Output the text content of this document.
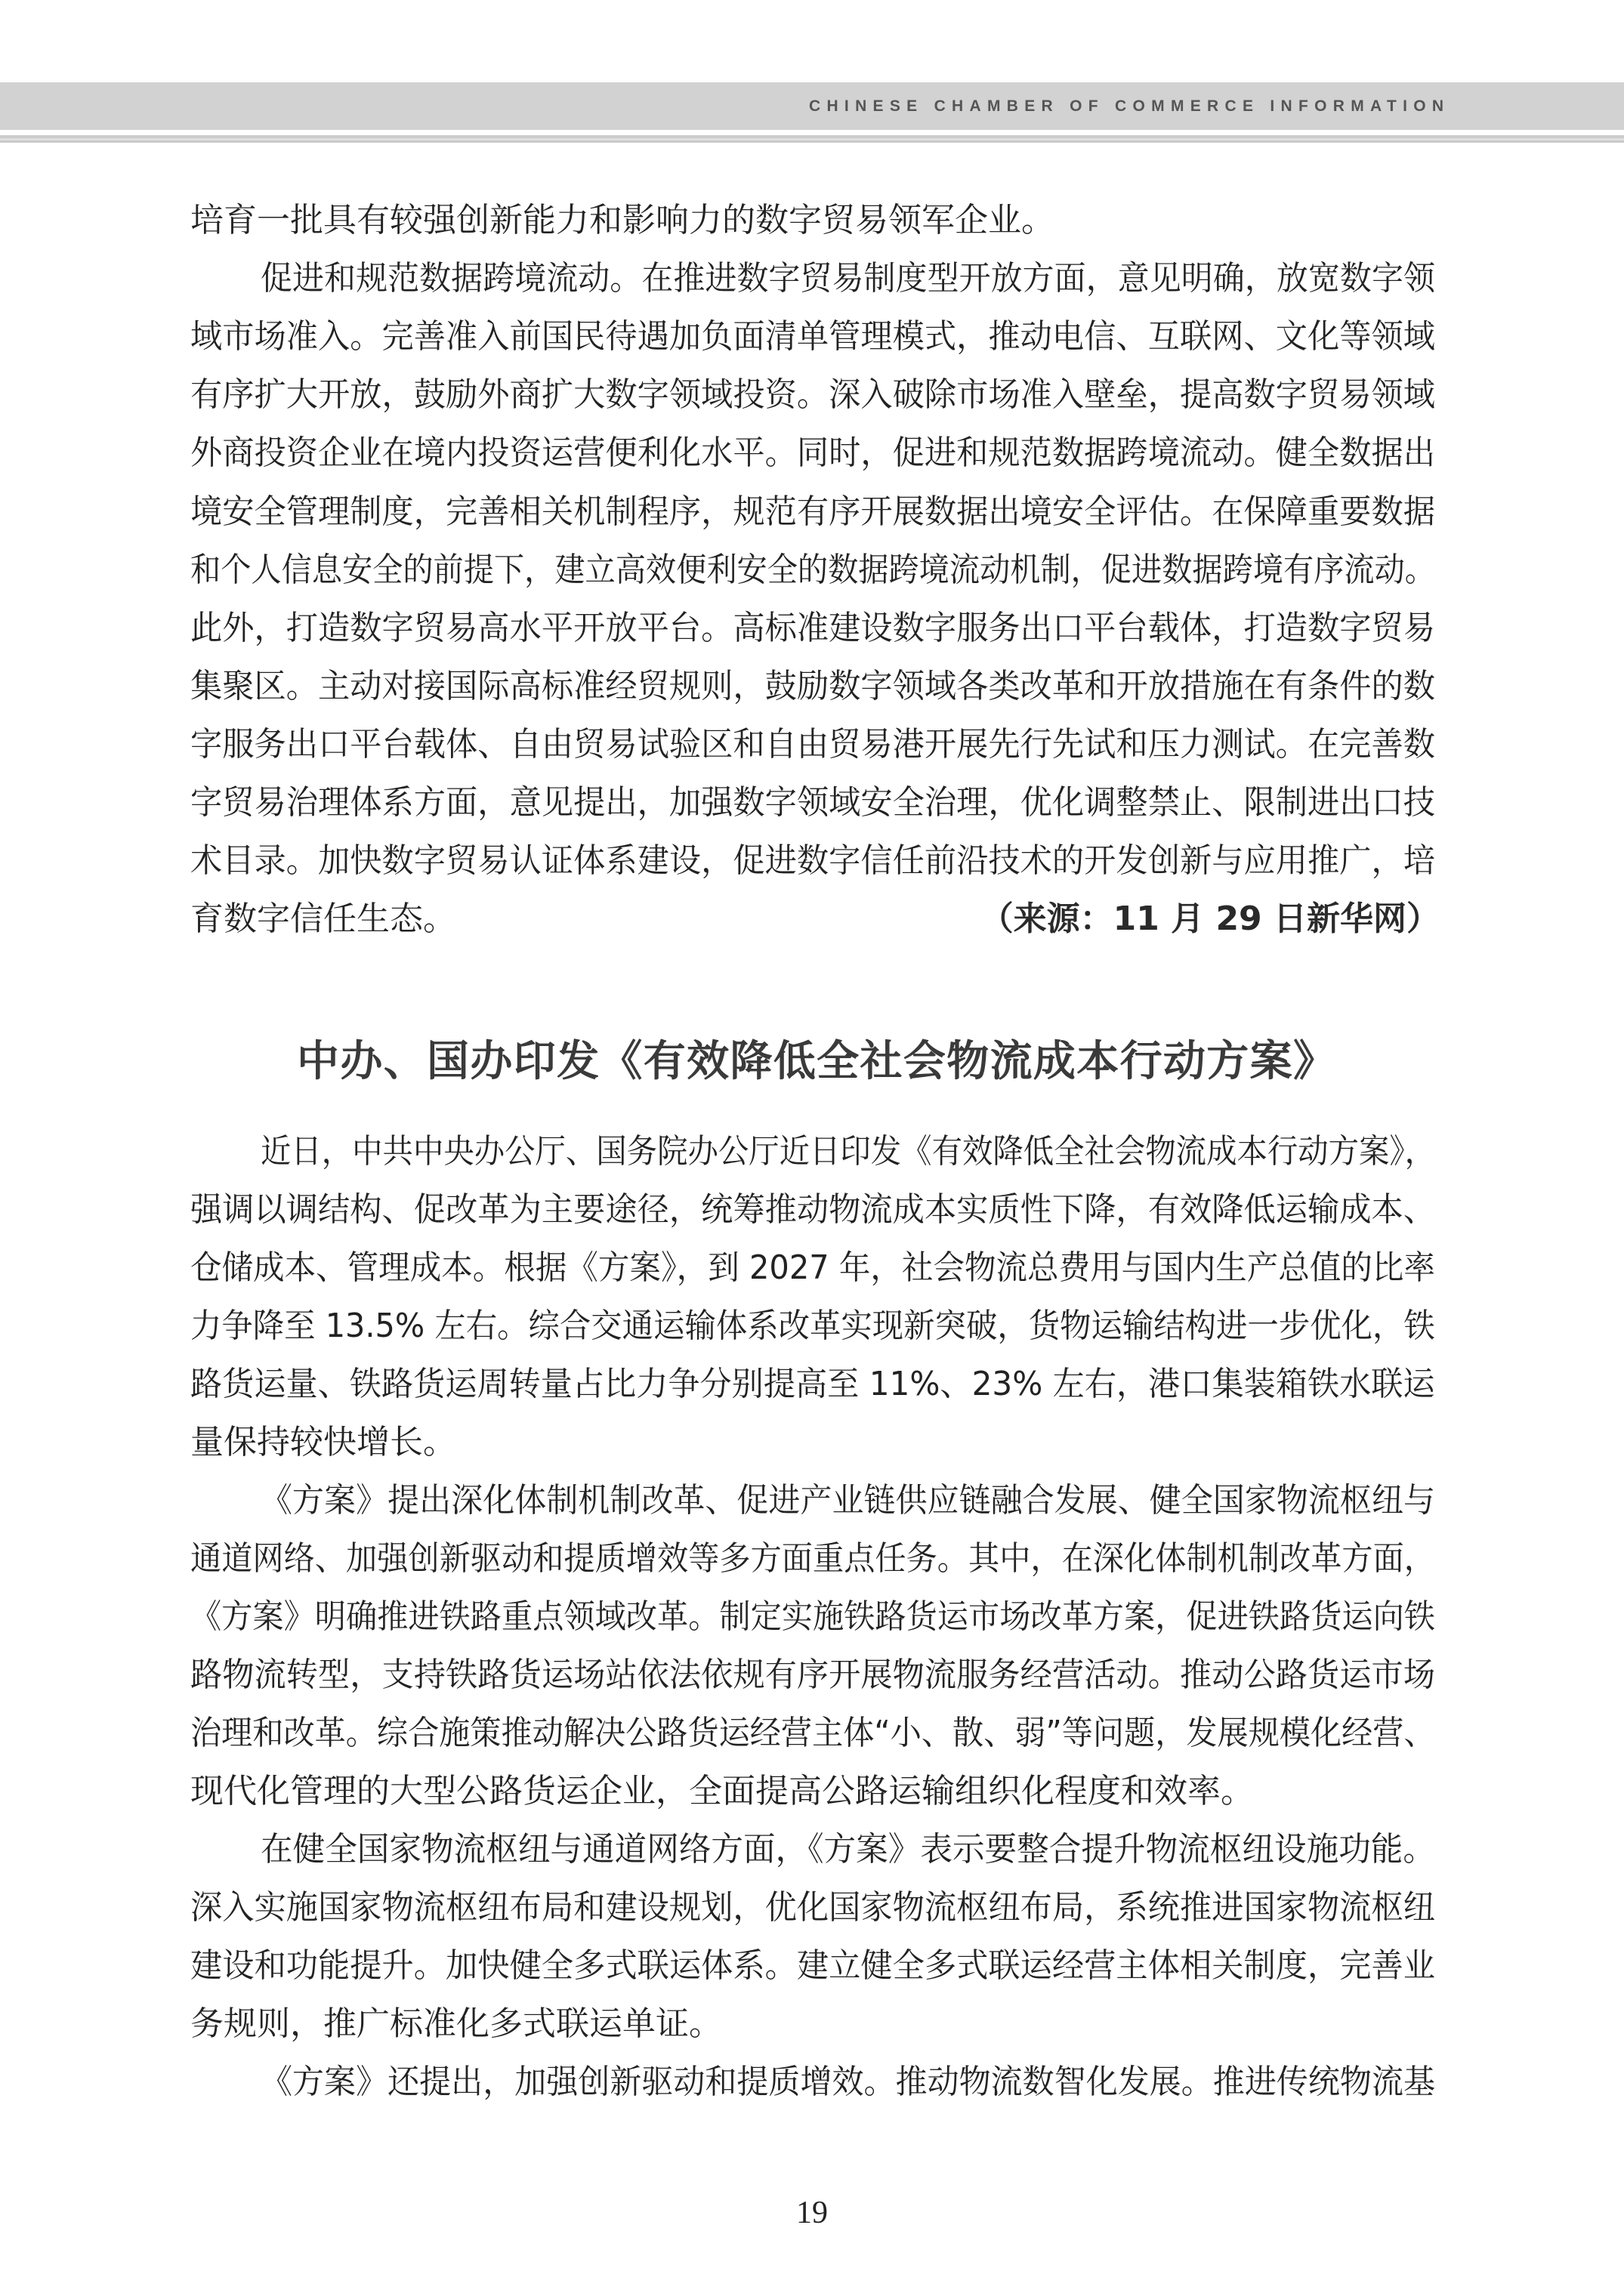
CHINESE CHAMBER OF COMMERCE INFORMATION
培育一批具有较强创新能力和影响力的数字贸易领军企业。
促进和规范数据跨境流动。在推进数字贸易制度型开放方面，意见明确，放宽数字领
域市场准入。完善准入前国民待遇加负面清单管理模式，推动电信、互联网、文化等领域
有序扩大开放，鼓励外商扩大数字领域投资。深入破除市场准入壁垒，提高数字贸易领域
外商投资企业在境内投资运营便利化水平。同时，促进和规范数据跨境流动。健全数据出
境安全管理制度，完善相关机制程序，规范有序开展数据出境安全评估。在保障重要数据
和个人信息安全的前提下，建立高效便利安全的数据跨境流动机制，促进数据跨境有序流动。
此外，打造数字贸易高水平开放平台。高标准建设数字服务出口平台载体，打造数字贸易
集聚区。主动对接国际高标准经贸规则，鼓励数字领域各类改革和开放措施在有条件的数
字服务出口平台载体、自由贸易试验区和自由贸易港开展先行先试和压力测试。在完善数
字贸易治理体系方面，意见提出，加强数字领域安全治理，优化调整禁止、限制进出口技
术目录。加快数字贸易认证体系建设，促进数字信任前沿技术的开发创新与应用推广，培
育数字信任生态。	（来源：11 月 29 日新华网）
中办、国办印发《有效降低全社会物流成本行动方案》
近日，中共中央办公厅、国务院办公厅近日印发《有效降低全社会物流成本行动方案》，
强调以调结构、促改革为主要途径，统筹推动物流成本实质性下降，有效降低运输成本、
仓储成本、管理成本。根据《方案》，到 2027 年，社会物流总费用与国内生产总值的比率
力争降至 13.5% 左右。综合交通运输体系改革实现新突破，货物运输结构进一步优化，铁
路货运量、铁路货运周转量占比力争分别提高至 11%、23% 左右，港口集装箱铁水联运
量保持较快增长。
《方案》提出深化体制机制改革、促进产业链供应链融合发展、健全国家物流枢纽与
通道网络、加强创新驱动和提质增效等多方面重点任务。其中，在深化体制机制改革方面，
《方案》明确推进铁路重点领域改革。制定实施铁路货运市场改革方案，促进铁路货运向铁
路物流转型，支持铁路货运场站依法依规有序开展物流服务经营活动。推动公路货运市场
治理和改革。综合施策推动解决公路货运经营主体“小、散、弱”等问题，发展规模化经营、
现代化管理的大型公路货运企业，全面提高公路运输组织化程度和效率。
在健全国家物流枢纽与通道网络方面，《方案》表示要整合提升物流枢纽设施功能。
深入实施国家物流枢纽布局和建设规划，优化国家物流枢纽布局，系统推进国家物流枢纽
建设和功能提升。加快健全多式联运体系。建立健全多式联运经营主体相关制度，完善业
务规则，推广标准化多式联运单证。
《方案》还提出，加强创新驱动和提质增效。推动物流数智化发展。推进传统物流基
19
